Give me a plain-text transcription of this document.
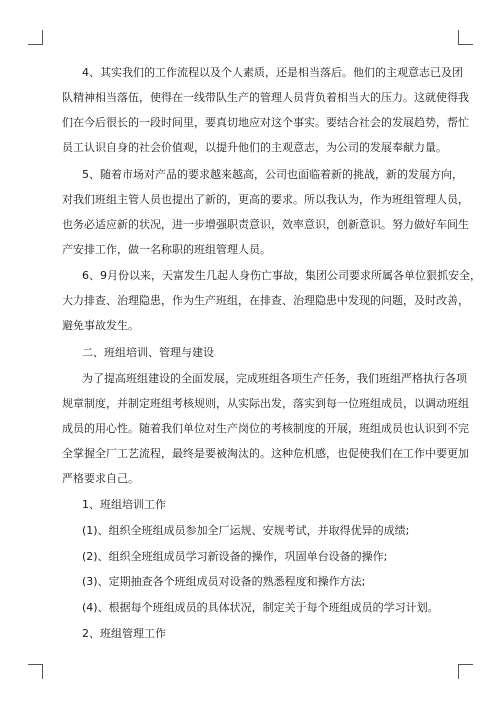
4、其实我们的工作流程以及个人素质，还是相当落后。他们的主观意志已及团
队精神相当落伍，使得在一线带队生产的管理人员背负着相当大的压力。这就使得我
们在今后很长的一段时间里，要真切地应对这个事实。要结合社会的发展趋势，帮忙
员工认识自身的社会价值观，以提升他们的主观意志，为公司的发展奉献力量。
5、随着市场对产品的要求越来越高，公司也面临着新的挑战，新的发展方向，
对我们班组主管人员也提出了新的，更高的要求。所以我认为，作为班组管理人员，
也务必适应新的状况，进一步增强职责意识，效率意识，创新意识。努力做好车间生
产安排工作，做一名称职的班组管理人员。
6、9月份以来，天富发生几起人身伤亡事故，集团公司要求所属各单位狠抓安全，
大力排查、治理隐患，作为生产班组，在排查、治理隐患中发现的问题，及时改善，
避免事故发生。
二、班组培训、管理与建设
为了提高班组建设的全面发展，完成班组各项生产任务，我们班组严格执行各项
规章制度，并制定班组考核规则，从实际出发，落实到每一位班组成员，以调动班组
成员的用心性。随着我们单位对生产岗位的考核制度的开展，班组成员也认识到不完
全掌握全厂工艺流程，最终是要被淘汰的。这种危机感，也促使我们在工作中要更加
严格要求自己。
1、班组培训工作
(1)、组织全班组成员参加全厂运规、安规考试，并取得优异的成绩;
(2)、组织全班组成员学习新设备的操作，巩固单台设备的操作;
(3)、定期抽查各个班组成员对设备的熟悉程度和操作方法;
(4)、根据每个班组成员的具体状况，制定关于每个班组成员的学习计划。
2、班组管理工作
